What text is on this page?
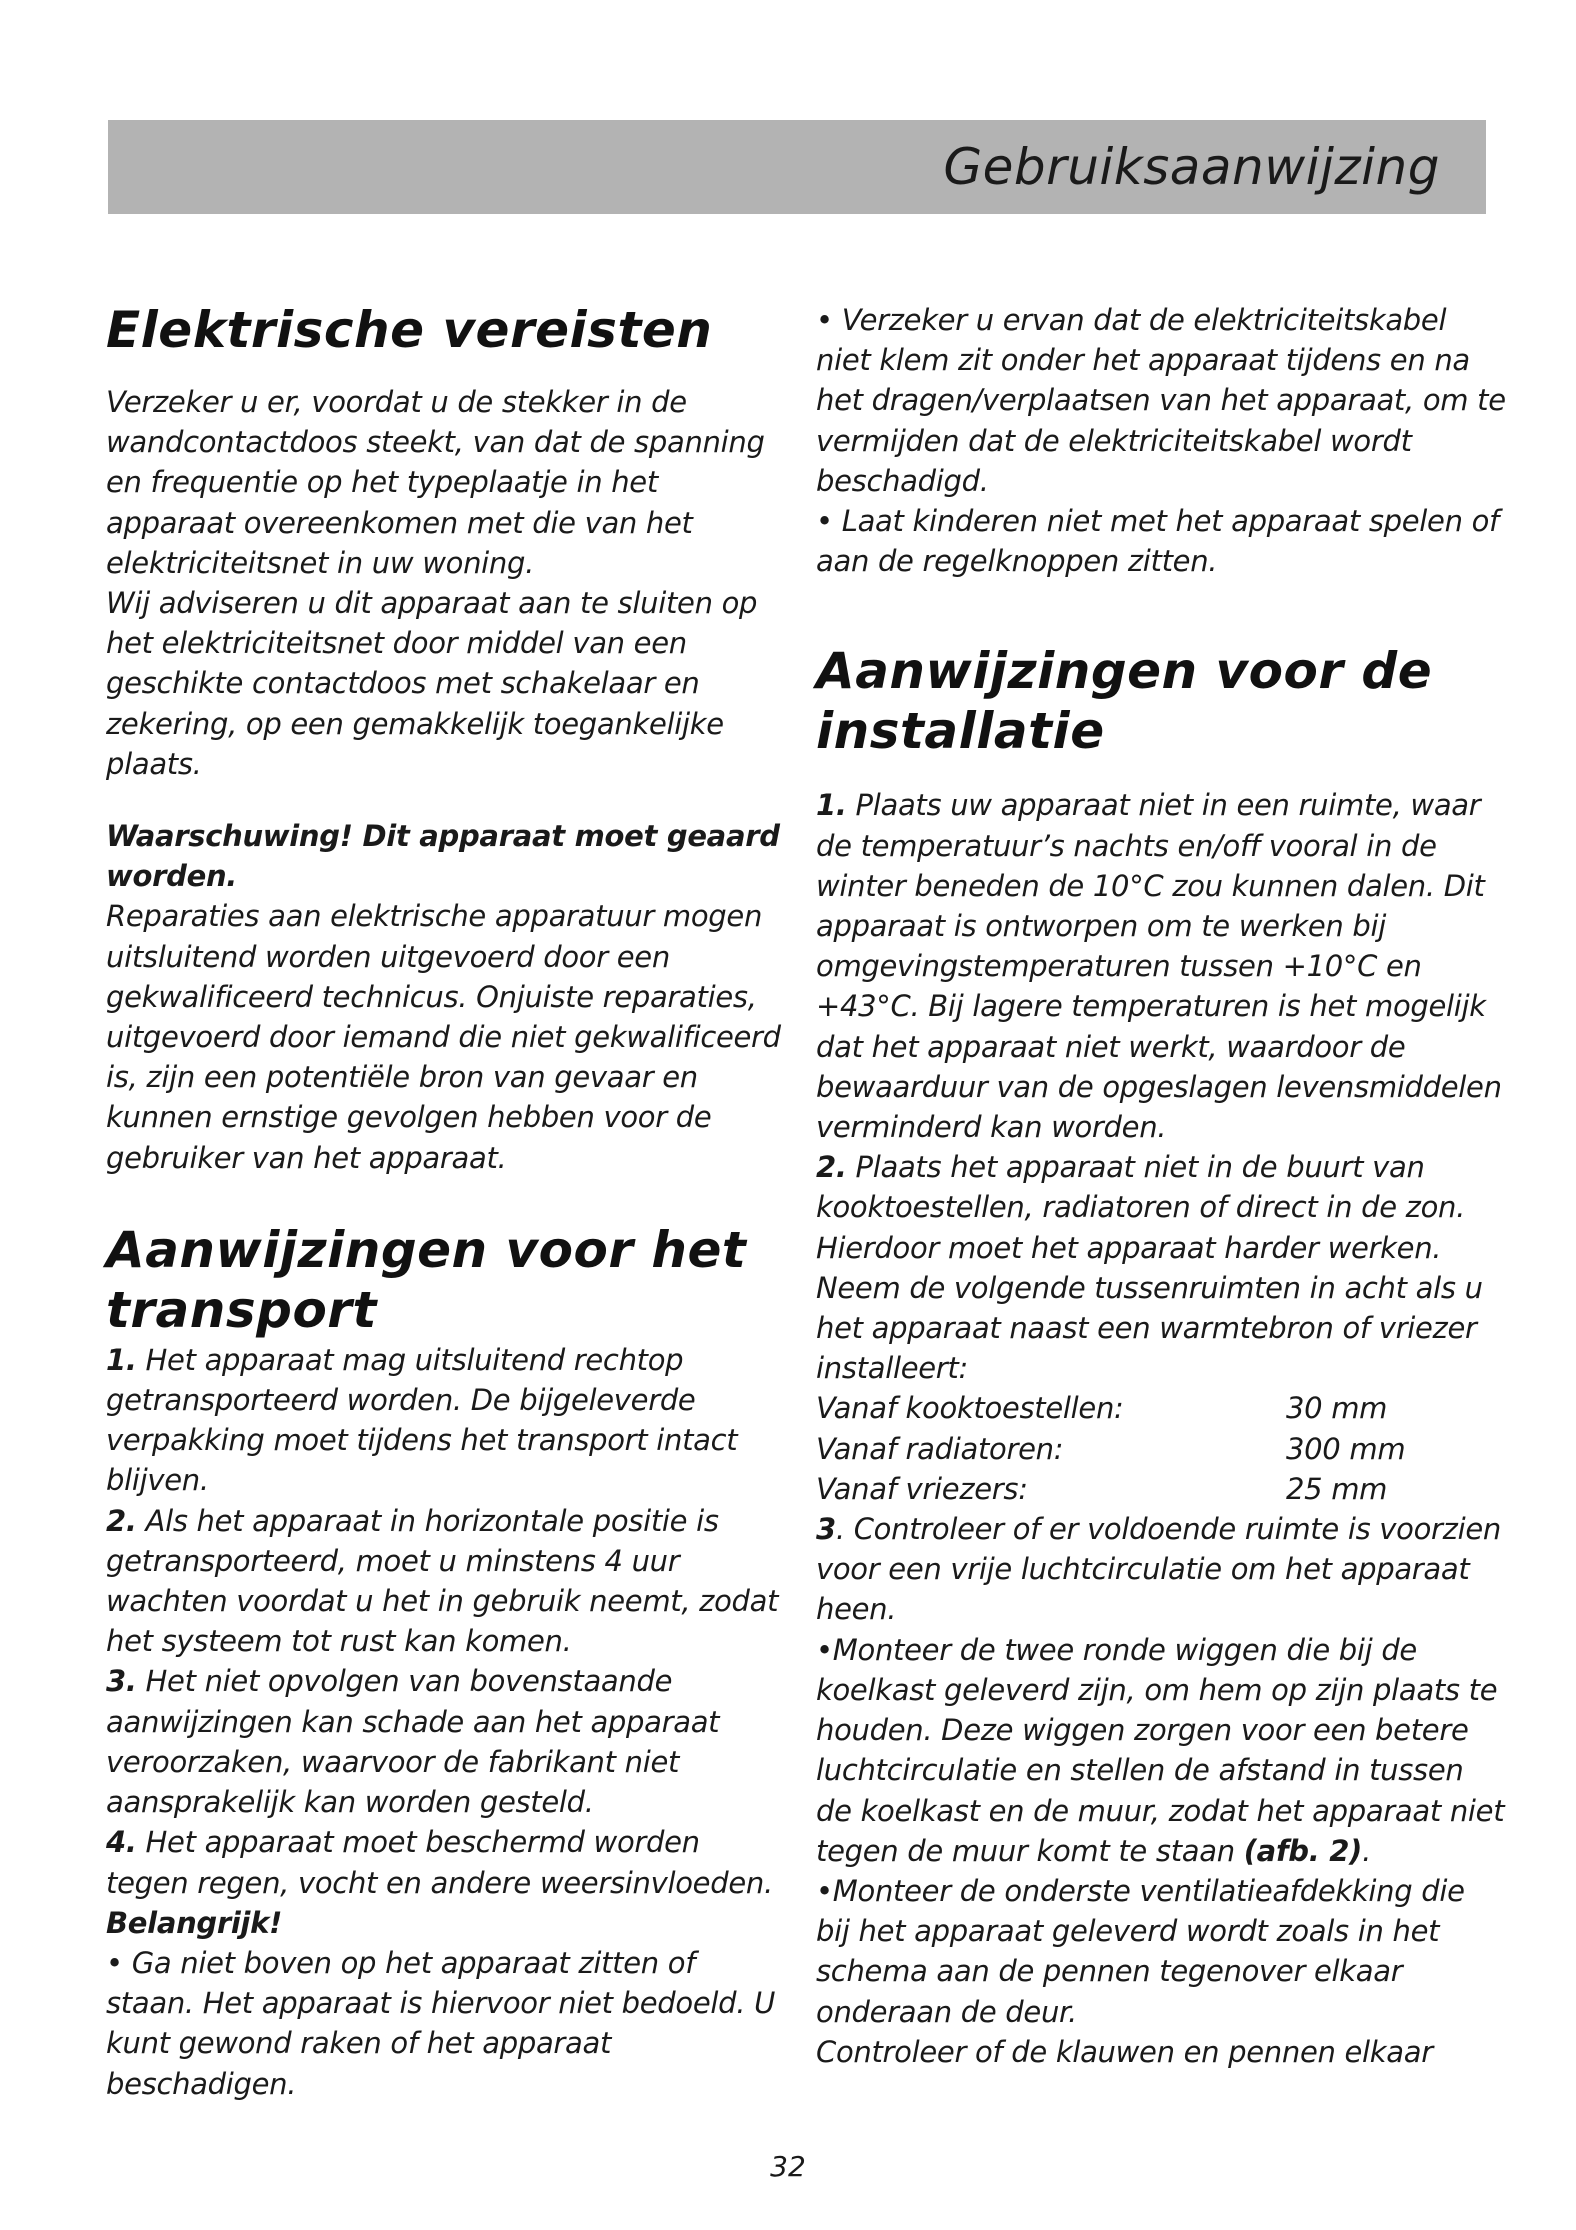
Gebruiksaanwijzing
Elektrische vereisten

Verzeker u er, voordat u de stekker in de wandcontactdoos steekt, van dat de spanning en frequentie op het typeplaatje in het apparaat overeenkomen met die van het elektriciteitsnet in uw woning.

Wij adviseren u dit apparaat aan te sluiten op het elektriciteitsnet door middel van een geschikte contactdoos met schakelaar en zekering, op een gemakkelijk toegankelijke plaats.

Waarschuwing! Dit apparaat moet geaard worden.

Reparaties aan elektrische apparatuur mogen uitsluitend worden uitgevoerd door een gekwalificeerd technicus. Onjuiste reparaties, uitgevoerd door iemand die niet gekwalificeerd is, zijn een potentiële bron van gevaar en kunnen ernstige gevolgen hebben voor de gebruiker van het apparaat.

Aanwijzingen voor het transport

1. Het apparaat mag uitsluitend rechtop getransporteerd worden. De bijgeleverde verpakking moet tijdens het transport intact blijven.

2. Als het apparaat in horizontale positie is getransporteerd, moet u minstens 4 uur wachten voordat u het in gebruik neemt, zodat het systeem tot rust kan komen.

3. Het niet opvolgen van bovenstaande aanwijzingen kan schade aan het apparaat veroorzaken, waarvoor de fabrikant niet aansprakelijk kan worden gesteld.

4. Het apparaat moet beschermd worden tegen regen, vocht en andere weersinvloeden.

Belangrijk!

• Ga niet boven op het apparaat zitten of staan. Het apparaat is hiervoor niet bedoeld. U kunt gewond raken of het apparaat beschadigen.

• Verzeker u ervan dat de elektriciteitskabel niet klem zit onder het apparaat tijdens en na het dragen/verplaatsen van het apparaat, om te vermijden dat de elektriciteitskabel wordt beschadigd.

• Laat kinderen niet met het apparaat spelen of aan de regelknoppen zitten.

Aanwijzingen voor de installatie

1. Plaats uw apparaat niet in een ruimte, waar de temperatuur’s nachts en/off vooral in de winter beneden de 10°C zou kunnen dalen. Dit apparaat is ontworpen om te werken bij omgevingstemperaturen tussen +10°C en +43°C. Bij lagere temperaturen is het mogelijk dat het apparaat niet werkt, waardoor de bewaarduur van de opgeslagen levensmiddelen verminderd kan worden.

2. Plaats het apparaat niet in de buurt van kooktoestellen, radiatoren of direct in de zon. Hierdoor moet het apparaat harder werken. Neem de volgende tussenruimten in acht als u het apparaat naast een warmtebron of vriezer installeert:

Vanaf kooktoestellen:	30 mm
Vanaf radiatoren:	300 mm
Vanaf vriezers:	25 mm

3. Controleer of er voldoende ruimte is voorzien voor een vrije luchtcirculatie om het apparaat heen.

•Monteer de twee ronde wiggen die bij de koelkast geleverd zijn, om hem op zijn plaats te houden. Deze wiggen zorgen voor een betere luchtcirculatie en stellen de afstand in tussen de koelkast en de muur, zodat het apparaat niet tegen de muur komt te staan (afb. 2).

•Monteer de onderste ventilatieafdekking die bij het apparaat geleverd wordt zoals in het schema aan de pennen tegenover elkaar onderaan de deur.

Controleer of de klauwen en pennen elkaar

32
